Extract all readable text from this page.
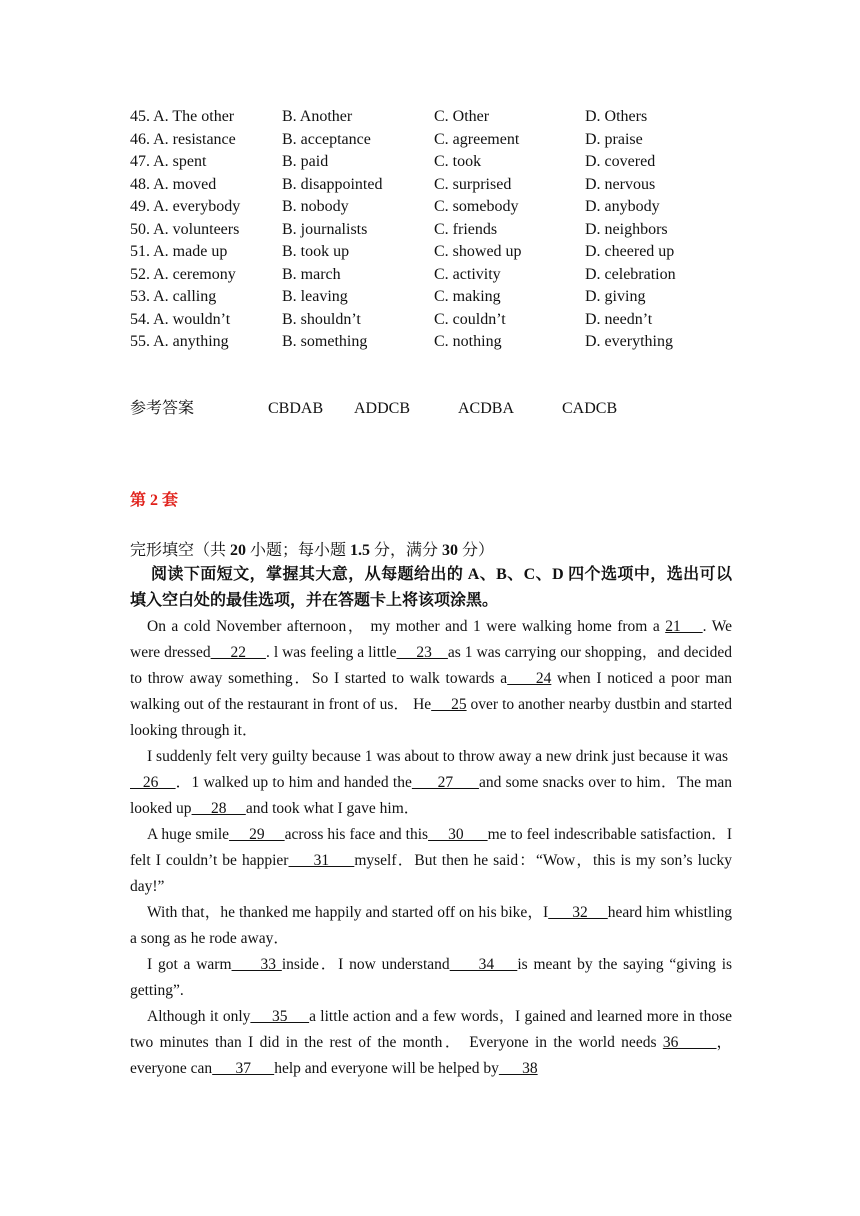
45. A. The other	B. Another	C. Other	D. Others
46. A. resistance	B. acceptance	C. agreement	D. praise
47. A. spent	B. paid	C. took	D. covered
48. A. moved	B. disappointed	C. surprised	D. nervous
49. A. everybody	B. nobody	C. somebody	D. anybody
50. A. volunteers	B. journalists	C. friends	D. neighbors
51. A. made up	B. took up	C. showed up	D. cheered up
52. A. ceremony	B. march	C. activity	D. celebration
53. A. calling	B. leaving	C. making	D. giving
54. A. wouldn’t	B. shouldn’t	C. couldn’t	D. needn’t
55. A. anything	B. something	C. nothing	D. everything
参考答案	CBDAB ADDCB	ACDBA	CADCB
第 2 套
完形填空（共 20 小题；每小题 1.5 分，满分 30 分）
阅读下面短文，掌握其大意，从每题给出的 A、B、C、D 四个选项中，选出可以填入空白处的最佳选项，并在答题卡上将该项涂黑。

On a cold November afternoon， my mother and 1 were walking home from a 21    . We were dressed     22     . l was feeling a little     23    as 1 was carrying our shopping，and decided to throw away something．So I started to walk towards a     24 when I noticed a poor man walking out of the restaurant in front of us． He     25 over to another nearby dustbin and started looking through it．

I suddenly felt very guilty because 1 was about to throw away a new drink just because it was

26    ．1 walked up to him and handed the      27      and some snacks over to him．The man looked up     28     and took what I gave him．

A huge smile     29     across his face and this     30      me to feel indescribable satisfaction．I felt I couldn’t be happier     31     myself．But then he said：“Wow，this is my son’s lucky day!”

With that，he thanked me happily and started off on his bike，I      32     heard him whistling a song as he rode away．

I got a warm     33 inside．I now understand     34    is meant by the saying “giving is getting”.

Although it only     35     a little action and a few words，I gained and learned more in those two minutes than I did in the rest of the month． Everyone in the world needs 36      ， everyone can      37      help and everyone will be helped by      38
